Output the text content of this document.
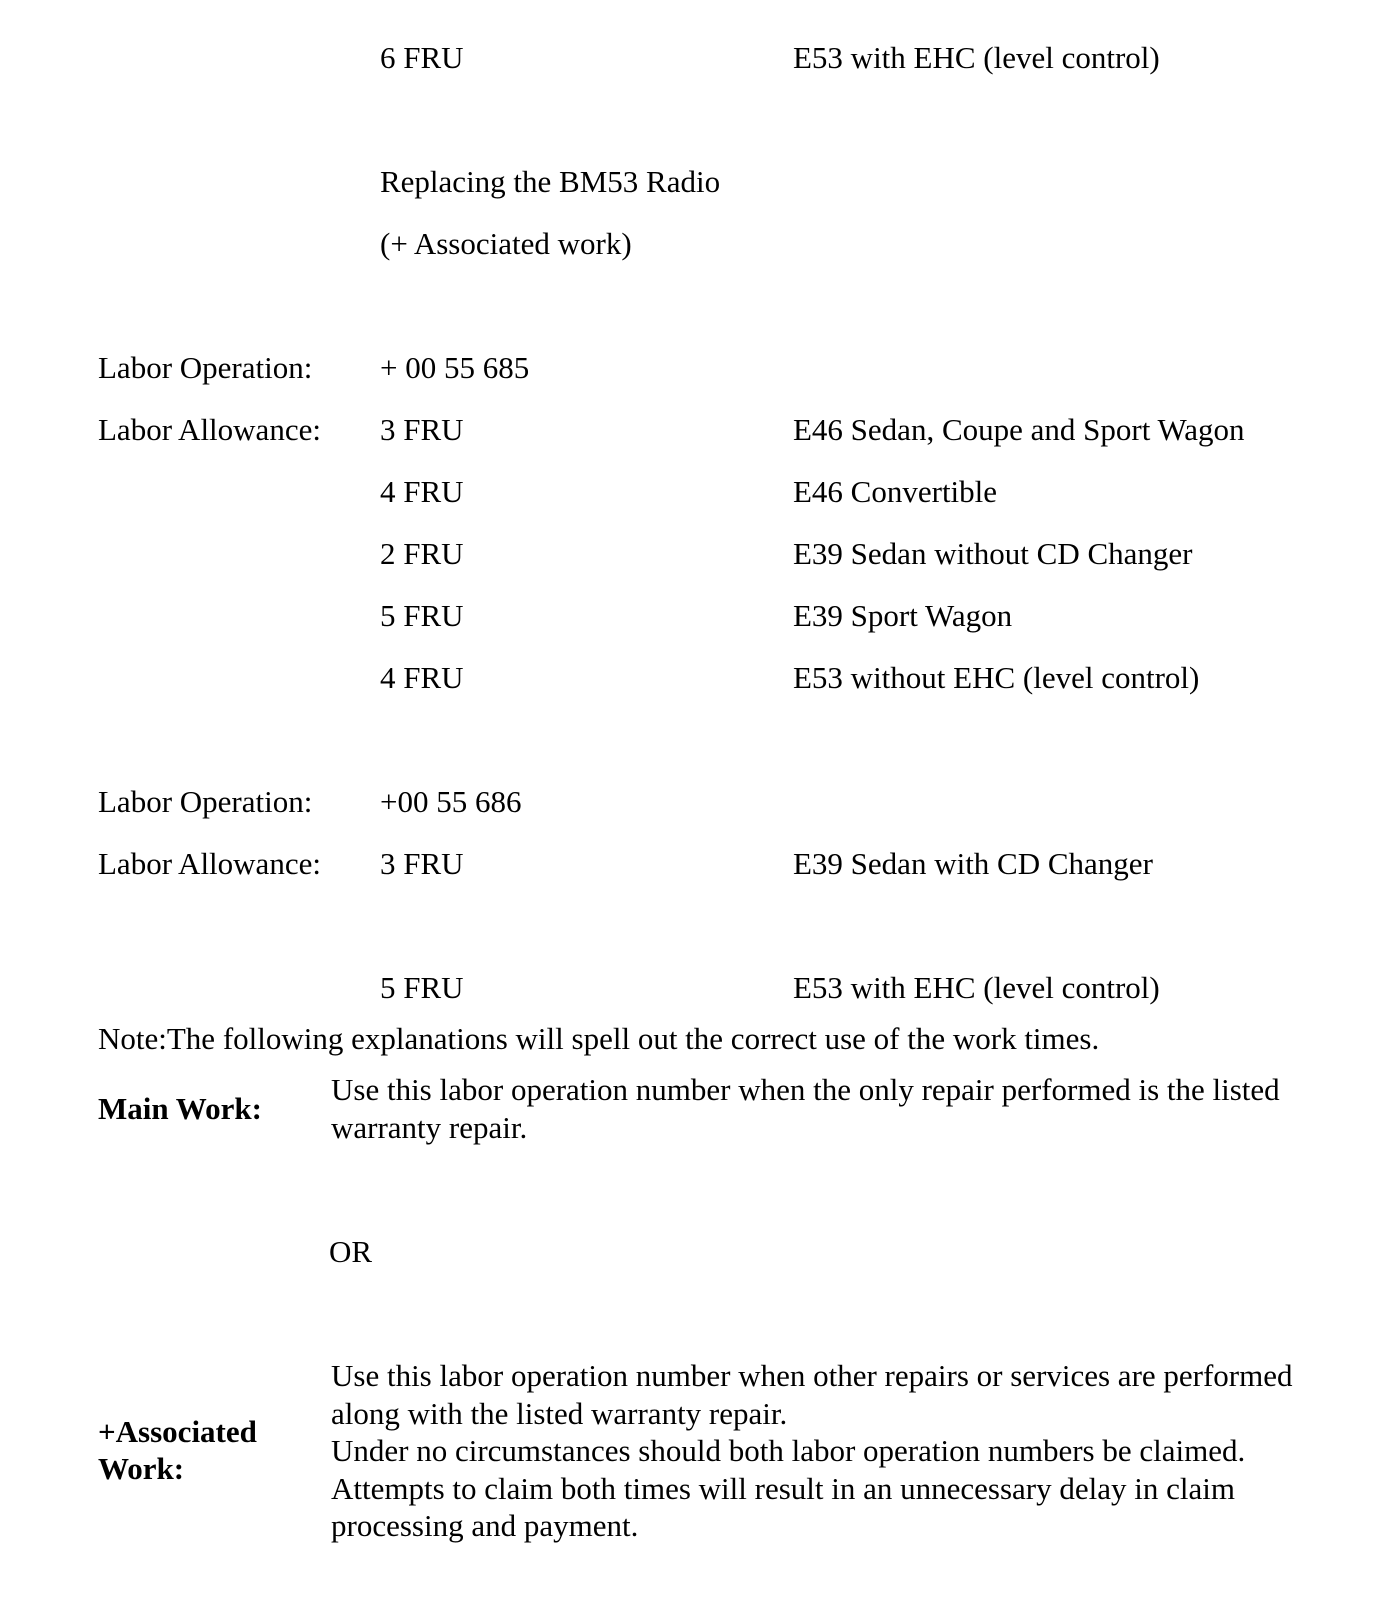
6 FRU	E53 with EHC (level control)
Replacing the BM53 Radio
(+ Associated work)
Labor Operation: + 00 55 685
Labor Allowance: 3 FRU	E46 Sedan, Coupe and Sport Wagon
4 FRU	E46 Convertible
2 FRU	E39 Sedan without CD Changer
5 FRU	E39 Sport Wagon
4 FRU	E53 without EHC (level control)
Labor Operation: +00 55 686
Labor Allowance: 3 FRU	E39 Sedan with CD Changer
5 FRU	E53 with EHC (level control)
Note:The following explanations will spell out the correct use of the work times.
Main Work:
Use this labor operation number when the only repair performed is the listed warranty repair.
OR
+Associated
Work:
Use this labor operation number when other repairs or services are performed along with the listed warranty repair.
Under no circumstances should both labor operation numbers be claimed. Attempts to claim both times will result in an unnecessary delay in claim processing and payment.
